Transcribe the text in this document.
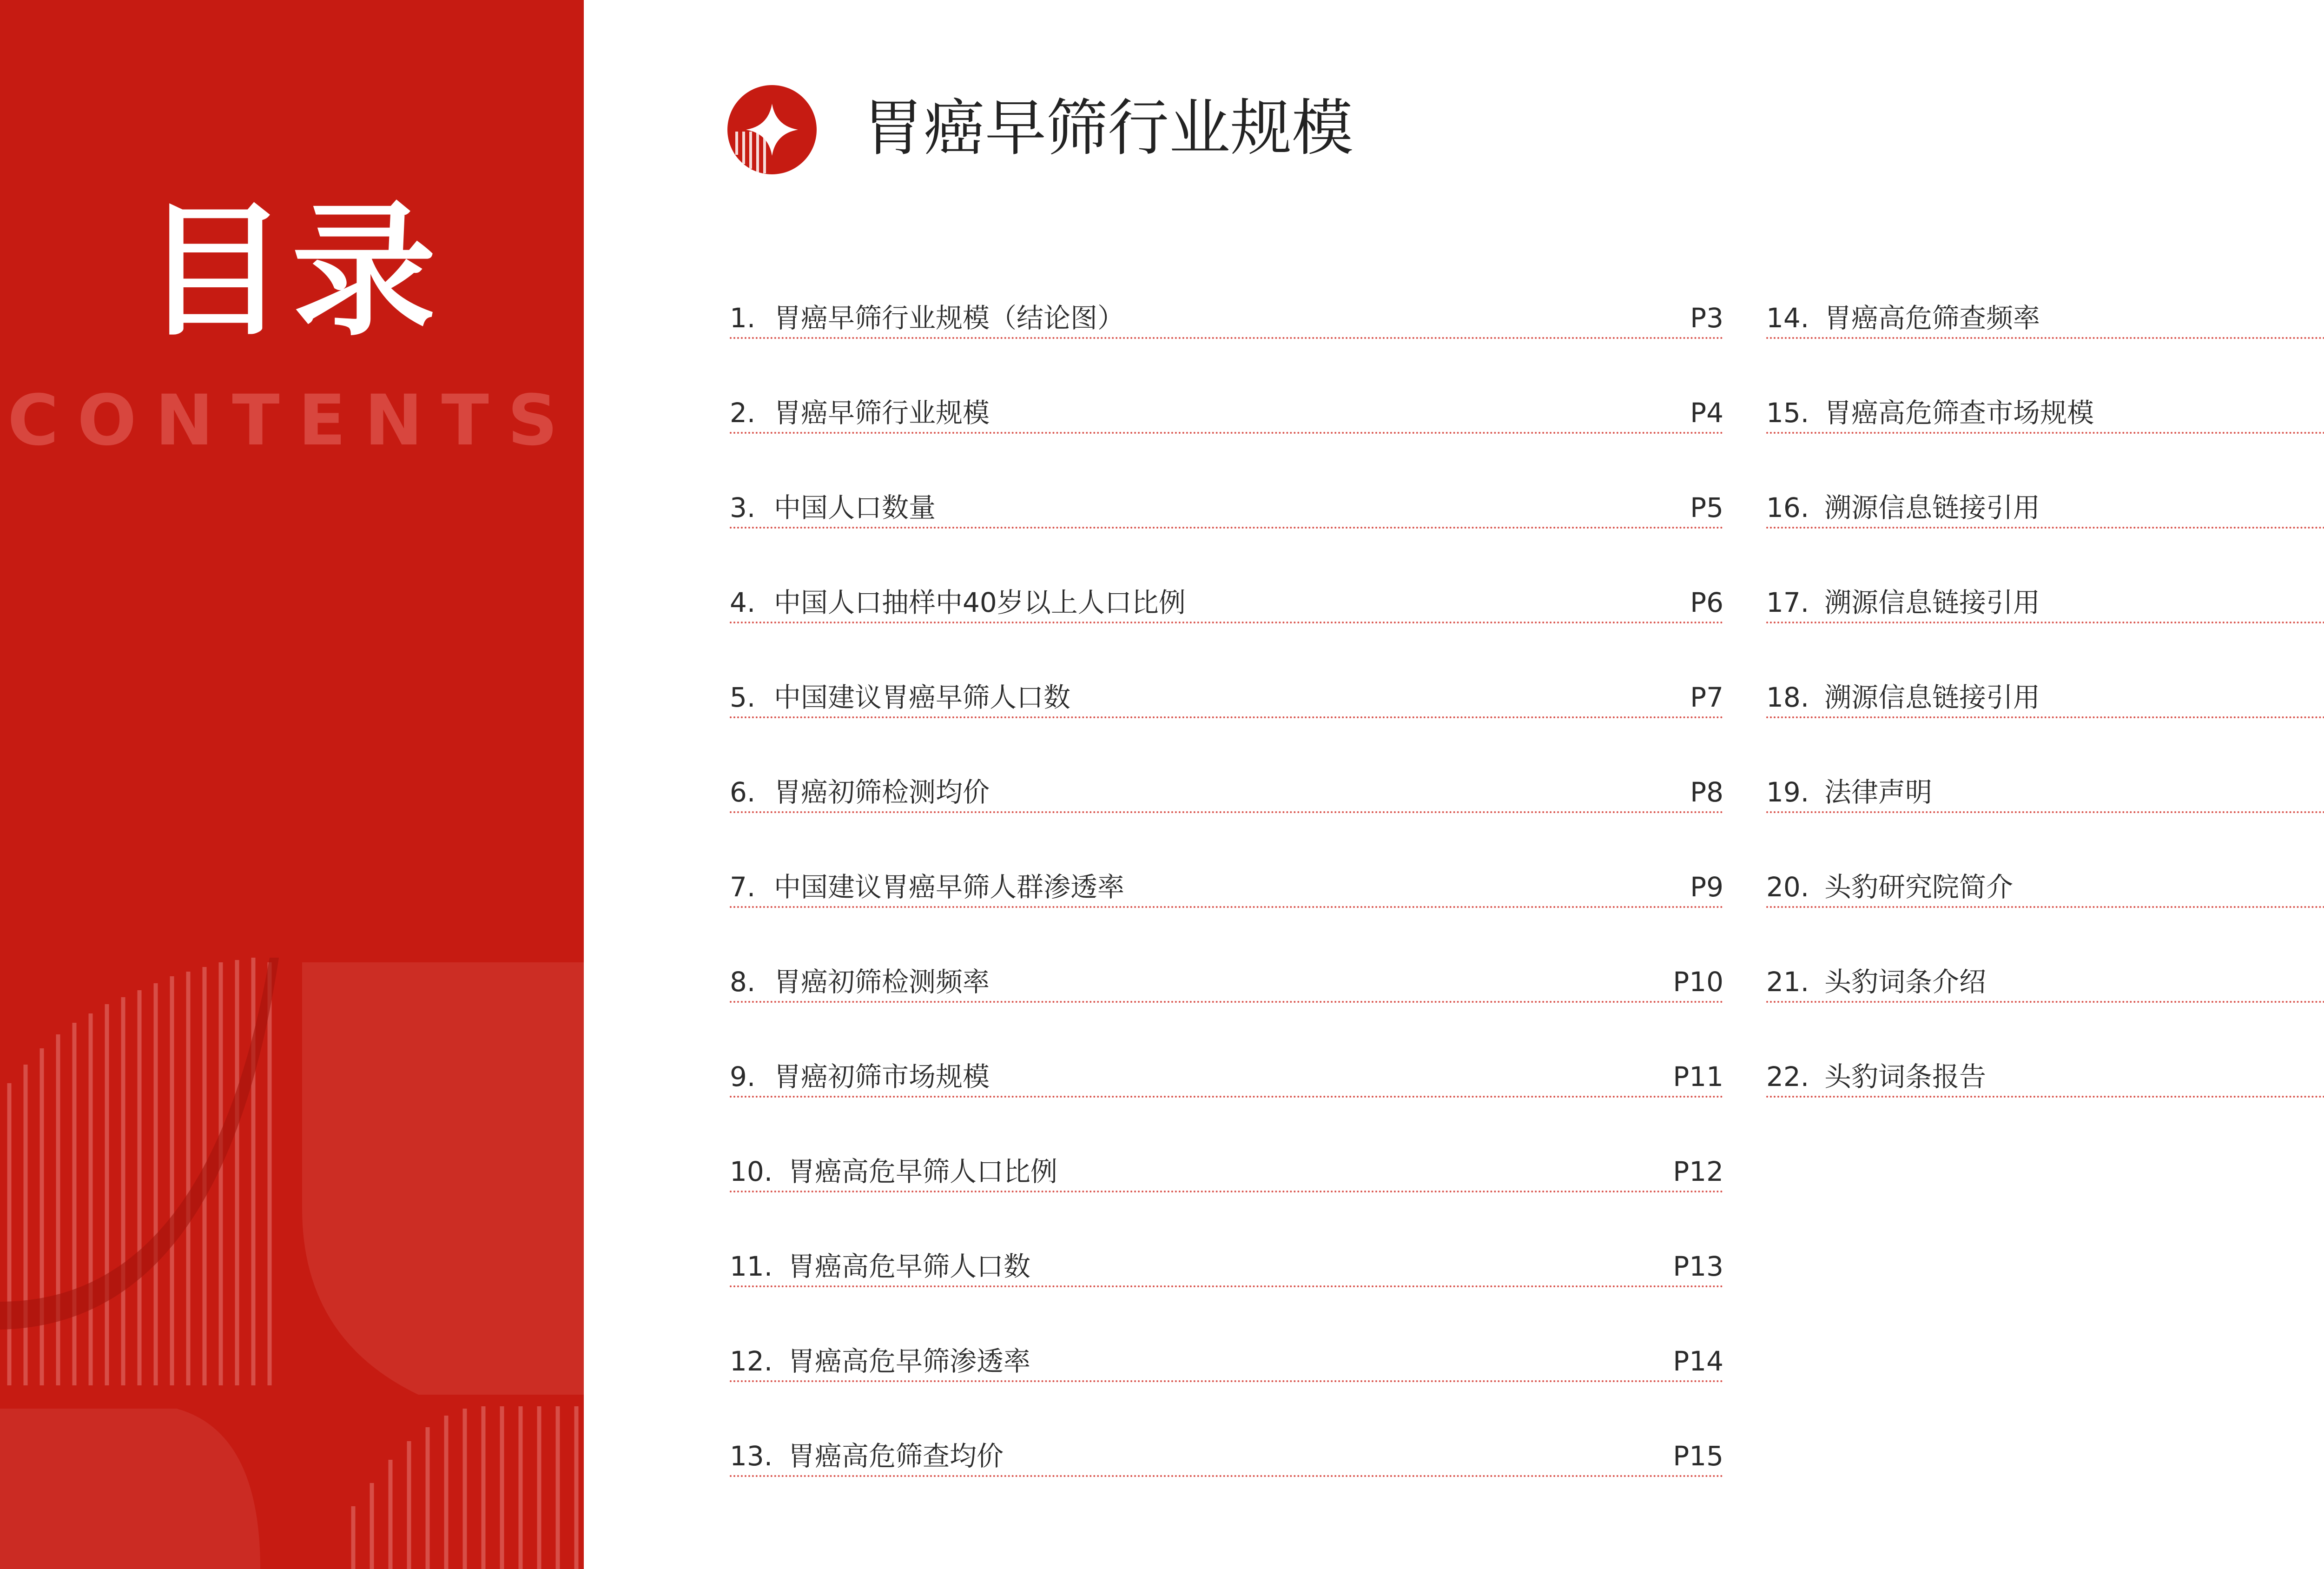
目录
CONTENTS
胃癌早筛行业规模
1. 胃癌早筛行业规模（结论图）	P3
2. 胃癌早筛行业规模	P4
3. 中国人口数量	P5
4. 中国人口抽样中40岁以上人口比例	P6
5. 中国建议胃癌早筛人口数	P7
6. 胃癌初筛检测均价	P8
7. 中国建议胃癌早筛人群渗透率	P9
8. 胃癌初筛检测频率	P10
9. 胃癌初筛市场规模	P11
10. 胃癌高危早筛人口比例	P12
11. 胃癌高危早筛人口数	P13
12. 胃癌高危早筛渗透率	P14
13. 胃癌高危筛查均价	P15
14. 胃癌高危筛查频率
15. 胃癌高危筛查市场规模
16. 溯源信息链接引用
17. 溯源信息链接引用
18. 溯源信息链接引用
19. 法律声明
20. 头豹研究院简介
21. 头豹词条介绍
22. 头豹词条报告
